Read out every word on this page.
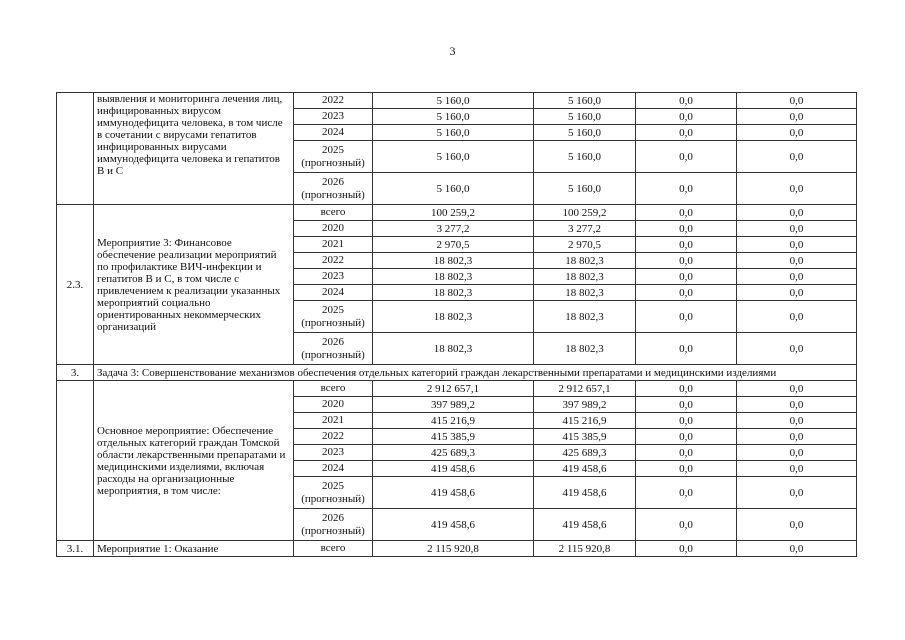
3
	выявления и мониторинга лечения лиц, инфицированных вирусом иммунодефицита человека, в том числе в сочетании с вирусами гепатитов инфицированных вирусами иммунодефицита человека и гепатитов В и С	2022	5 160,0	5 160,0	0,0	0,0
		2023	5 160,0	5 160,0	0,0	0,0
		2024	5 160,0	5 160,0	0,0	0,0
		2025 (прогнозный)	5 160,0	5 160,0	0,0	0,0
		2026 (прогнозный)	5 160,0	5 160,0	0,0	0,0
2.3.	Мероприятие 3: Финансовое обеспечение реализации мероприятий по профилактике ВИЧ-инфекции и гепатитов В и С, в том числе с привлечением к реализации указанных мероприятий социально ориентированных некоммерческих организаций	всего	100 259,2	100 259,2	0,0	0,0
		2020	3 277,2	3 277,2	0,0	0,0
		2021	2 970,5	2 970,5	0,0	0,0
		2022	18 802,3	18 802,3	0,0	0,0
		2023	18 802,3	18 802,3	0,0	0,0
		2024	18 802,3	18 802,3	0,0	0,0
		2025 (прогнозный)	18 802,3	18 802,3	0,0	0,0
		2026 (прогнозный)	18 802,3	18 802,3	0,0	0,0
3.	Задача 3: Совершенствование механизмов обеспечения отдельных категорий граждан лекарственными препаратами и медицинскими изделиями					
	Основное мероприятие: Обеспечение отдельных категорий граждан Томской области лекарственными препаратами и медицинскими изделиями, включая расходы на организационные мероприятия, в том числе:	всего	2 912 657,1	2 912 657,1	0,0	0,0
		2020	397 989,2	397 989,2	0,0	0,0
		2021	415 216,9	415 216,9	0,0	0,0
		2022	415 385,9	415 385,9	0,0	0,0
		2023	425 689,3	425 689,3	0,0	0,0
		2024	419 458,6	419 458,6	0,0	0,0
		2025 (прогнозный)	419 458,6	419 458,6	0,0	0,0
		2026 (прогнозный)	419 458,6	419 458,6	0,0	0,0
3.1.	Мероприятие 1: Оказание	всего	2 115 920,8	2 115 920,8	0,0	0,0
